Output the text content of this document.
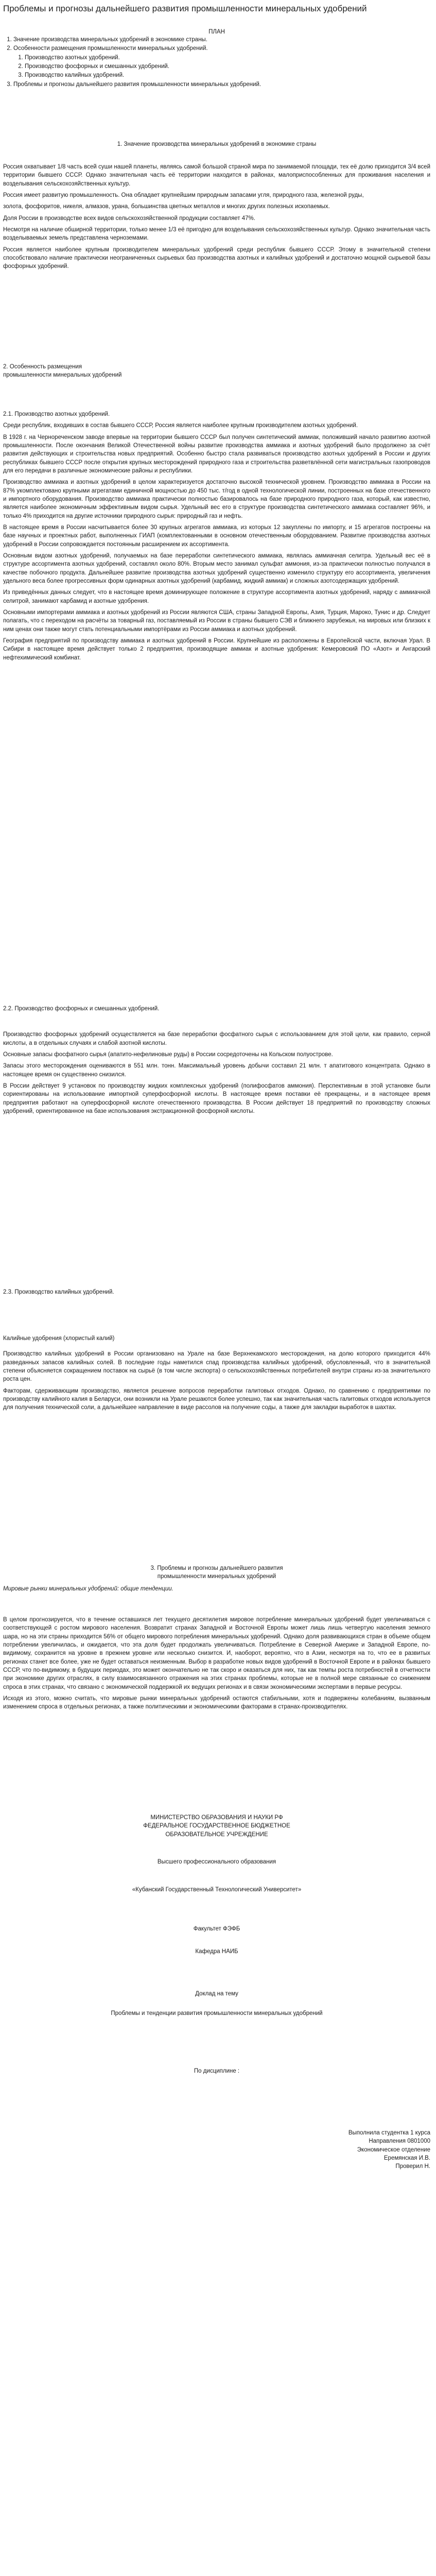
Проблемы и прогнозы дальнейшего развития промышленности минеральных удобрений
ПЛАН
1. Значение производства минеральных удобрений в экономике страны.
2. Особенности размещения промышленности минеральных удобрений.
1. Производство азотных удобрений.
2. Производство фосфорных и смешанных удобрений.
3. Производство калийных удобрений.
3. Проблемы и прогнозы дальнейшего развития промышленности минеральных удобрений.
1. Значение производства минеральных удобрений в экономике страны

Россия охватывает 1/8 часть всей суши нашей планеты, являясь самой большой страной мира по занимаемой площади, тех её долю приходится 3/4 всей территории бывшего СССР. Однако значительная часть её территории находится в районах, малоприспособленных для проживания населения и возделывания сельскохозяйственных культур.

Россия имеет развитую промышленность. Она обладает крупнейшим природным запасами угля, природного газа, железной руды,

золота, фосфоритов, никеля, алмазов, урана, большинства цветных металлов и многих других полезных ископаемых.

Доля России в производстве всех видов сельскохозяйственной продукции составляет 47%.

Несмотря на наличие обширной территории, только менее 1/3 её пригодно для возделывания сельскохозяйственных культур. Однако значительная часть возделываемых земель представлена черноземами.

Россия является наиболее крупным производителем минеральных удобрений среди республик бывшего СССР. Этому в значительной степени способствовало наличие практически неограниченных сырьевых баз производства азотных и калийных удобрений и достаточно мощной сырьевой базы фосфорных удобрений.

2. Особенность размещения
промышленности минеральных удобрений
2.1. Производство азотных удобрений.

Среди республик, входивших в состав бывшего СССР, Россия является наиболее крупным производителем азотных удобрений.

В 1928 г. на Чернореченском заводе впервые на территории бывшего СССР был получен синтетический аммиак, положивший начало развитию азотной промышленности. После окончания Великой Отечественной войны развитие производства аммиака и азотных удобрений было продолжено за счёт развития действующих и строительства новых предприятий. Особенно быстро стала развиваться производство азотных удобрений в России и других республиках бывшего СССР после открытия крупных месторождений природного газа и строительства разветвлённой сети магистральных газопроводов для его передачи в различные экономические районы и республики.

Производство аммиака и азотных удобрений в целом характеризуется достаточно высокой технической уровнем. Производство аммиака в России на 87% укомплектовано крупными агрегатами единичной мощностью до 450 тыс. т/год в одной технологической линии, построенных на базе отечественного и импортного оборудования. Производство аммиака практически полностью базировалось на базе природного природного газа, который, как известно, является наиболее экономичным эффективным видом сырья. Удельный вес его в структуре производства синтетического аммиака составляет 96%, и только 4% приходится на другие источники природного сырья: природный газ и нефть.

В настоящее время в России насчитывается более 30 крупных агрегатов аммиака, из которых 12 закуплены по импорту, и 15 агрегатов построены на базе научных и проектных работ, выполненных ГИАП (комплектованными в основном отечественным оборудованием. Развитие производства азотных удобрений в России сопровождается постоянным расширением их ассортимента.

Основным видом азотных удобрений, получаемых на базе переработки синтетического аммиака, являлась аммиачная селитра. Удельный вес её в структуре ассортимента азотных удобрений, составлял около 80%. Вторым место занимал сульфат аммония, из-за практически полностью получался в качестве побочного продукта. Дальнейшее развитие производства азотных удобрений существенно изменило структуру его ассортимента, увеличения удельного веса более прогрессивных форм одинарных азотных удобрений (карбамид, жидкий аммиак) и сложных азотсодержащих удобрений.

Из приведённых данных следует, что в настоящее время доминирующее положение в структуре ассортимента азотных удобрений, наряду с аммиачной селитрой, занимают карбамид и азотные удобрения.

Основными импортерами аммиака и азотных удобрений из России являются США, страны Западной Европы, Азия, Турция, Мароко, Тунис и др. Следует полагать, что с переходом на расчёты за товарный газ, поставляемый из России в страны бывшего СЭВ и ближнего зарубежья, на мировых или близких к ним ценах они также могут стать потенциальными импортёрами из России аммиака и азотных удобрений.

География предприятий по производству аммиака и азотных удобрений в России. Крупнейшие из расположены в Европейской части, включая Урал. В Сибири в настоящее время действует только 2 предприятия, производящие аммиак и азотные удобрения: Кемеровский ПО «Азот» и Ангарский нефтехимический комбинат.

2.2. Производство фосфорных и смешанных удобрений.

Производство фосфорных удобрений осуществляется на базе переработки фосфатного сырья с использованием для этой цели, как правило, серной кислоты, а в отдельных случаях и слабой азотной кислоты.

Основные запасы фосфатного сырья (апатито-нефелиновые руды) в России сосредоточены на Кольском полуострове.

Запасы этого месторождения оцениваются в 551 млн. тонн. Максимальный уровень добычи составил 21 млн. т апатитового концентрата. Однако в настоящее время он существенно снизился.

В России действует 9 установок по производству жидких комплексных удобрений (полифосфатов аммония). Перспективным в этой установке были сориентированы на использование импортной суперфосфорной кислоты. В настоящее время поставки её прекращены, и в настоящее время предприятия работают на суперфосфорной кислоте отечественного производства. В России действует 18 предприятий по производству сложных удобрений, ориентированное на базе использования экстракционной фосфорной кислоты.

2.3. Производство калийных удобрений.
Калийные удобрения (хлористый калий)

Производство калийных удобрений в России организовано на Урале на базе Верхнекамского месторождения, на долю которого приходится 44% разведанных запасов калийных солей. В последние годы наметился спад производства калийных удобрений, обусловленный, что в значительной степени объясняется сокращением поставок на сырьё (в том числе экспорта) о сельскохозяйственных потребителей внутри страны из-за значительного роста цен.

Факторам, сдерживающим производство, является решение вопросов переработки галитовых отходов. Однако, по сравнению с предприятиями по производству калийного калия в Беларуси, они возникли на Урале решаются более успешно, так как значительная часть галитовых отходов используется для получения технической соли, а дальнейшее направление в виде рассолов на получение соды, а также для закладки выработок в шахтах.

3. Проблемы и прогнозы дальнейшего развития
промышленности минеральных удобрений
Мировые рынки минеральных удобрений: общие тенденции.

В целом прогнозируется, что в течение оставшихся лет текущего десятилетия мировое потребление минеральных удобрений будет увеличиваться с соответствующей с ростом мирового населения. Возвратит странах Западной и Восточной Европы может лишь лишь четвертую населения земного шара, но на эти страны приходится 56% от общего мирового потребления минеральных удобрений. Однако доля развивающихся стран в объеме общем потреблении увеличилась, и ожидается, что эта доля будет продолжать увеличиваться. Потребление в Северной Америке и Западной Европе, по-видимому, сохранится на уровне в прежнем уровне или несколько снизится. И, наоборот, вероятно, что в Азии, несмотря на то, что ее в развитых регионах станет все более, уже не будет оставаться неизменным. Выбор в разработке новых видов удобрений в Восточной Европе и в районах бывшего СССР, что по-видимому, в будущих периодах, это может окончательно не так скоро и оказаться для них, так как темпы роста потребностей в отчетности при экономике других отраслях, в силу взаимосвязанного отражения на этих странах проблемы, которые не в полной мере связанные со снижением спроса в этих странах, что связано с экономической поддержкой их ведущих регионах и в связи экономическими экспертами в первые ресурсы.

Исходя из этого, можно считать, что мировые рынки минеральных удобрений остаются стабильными, хотя и подвержены колебаниям, вызванным изменением спроса в отдельных регионах, а также политическими и экономическими факторами в странах-производителях.

МИНИСТЕРСТВО ОБРАЗОВАНИЯ И НАУКИ РФ
ФЕДЕРАЛЬНОЕ ГОСУДАРСТВЕННОЕ БЮДЖЕТНОЕ
ОБРАЗОВАТЕЛЬНОЕ УЧРЕЖДЕНИЕ
Высшего профессионального образования
«Кубанский Государственный Технологический Университет»
Факультет ФЭФБ
Кафедра НАИБ
Доклад на тему
Проблемы и тенденции развития промышленности минеральных удобрений
По дисциплине :
Выполнила студентка 1 курса
Направления 0801000
Экономическое отделение
Еремянская И.В.
Проверил Н.
